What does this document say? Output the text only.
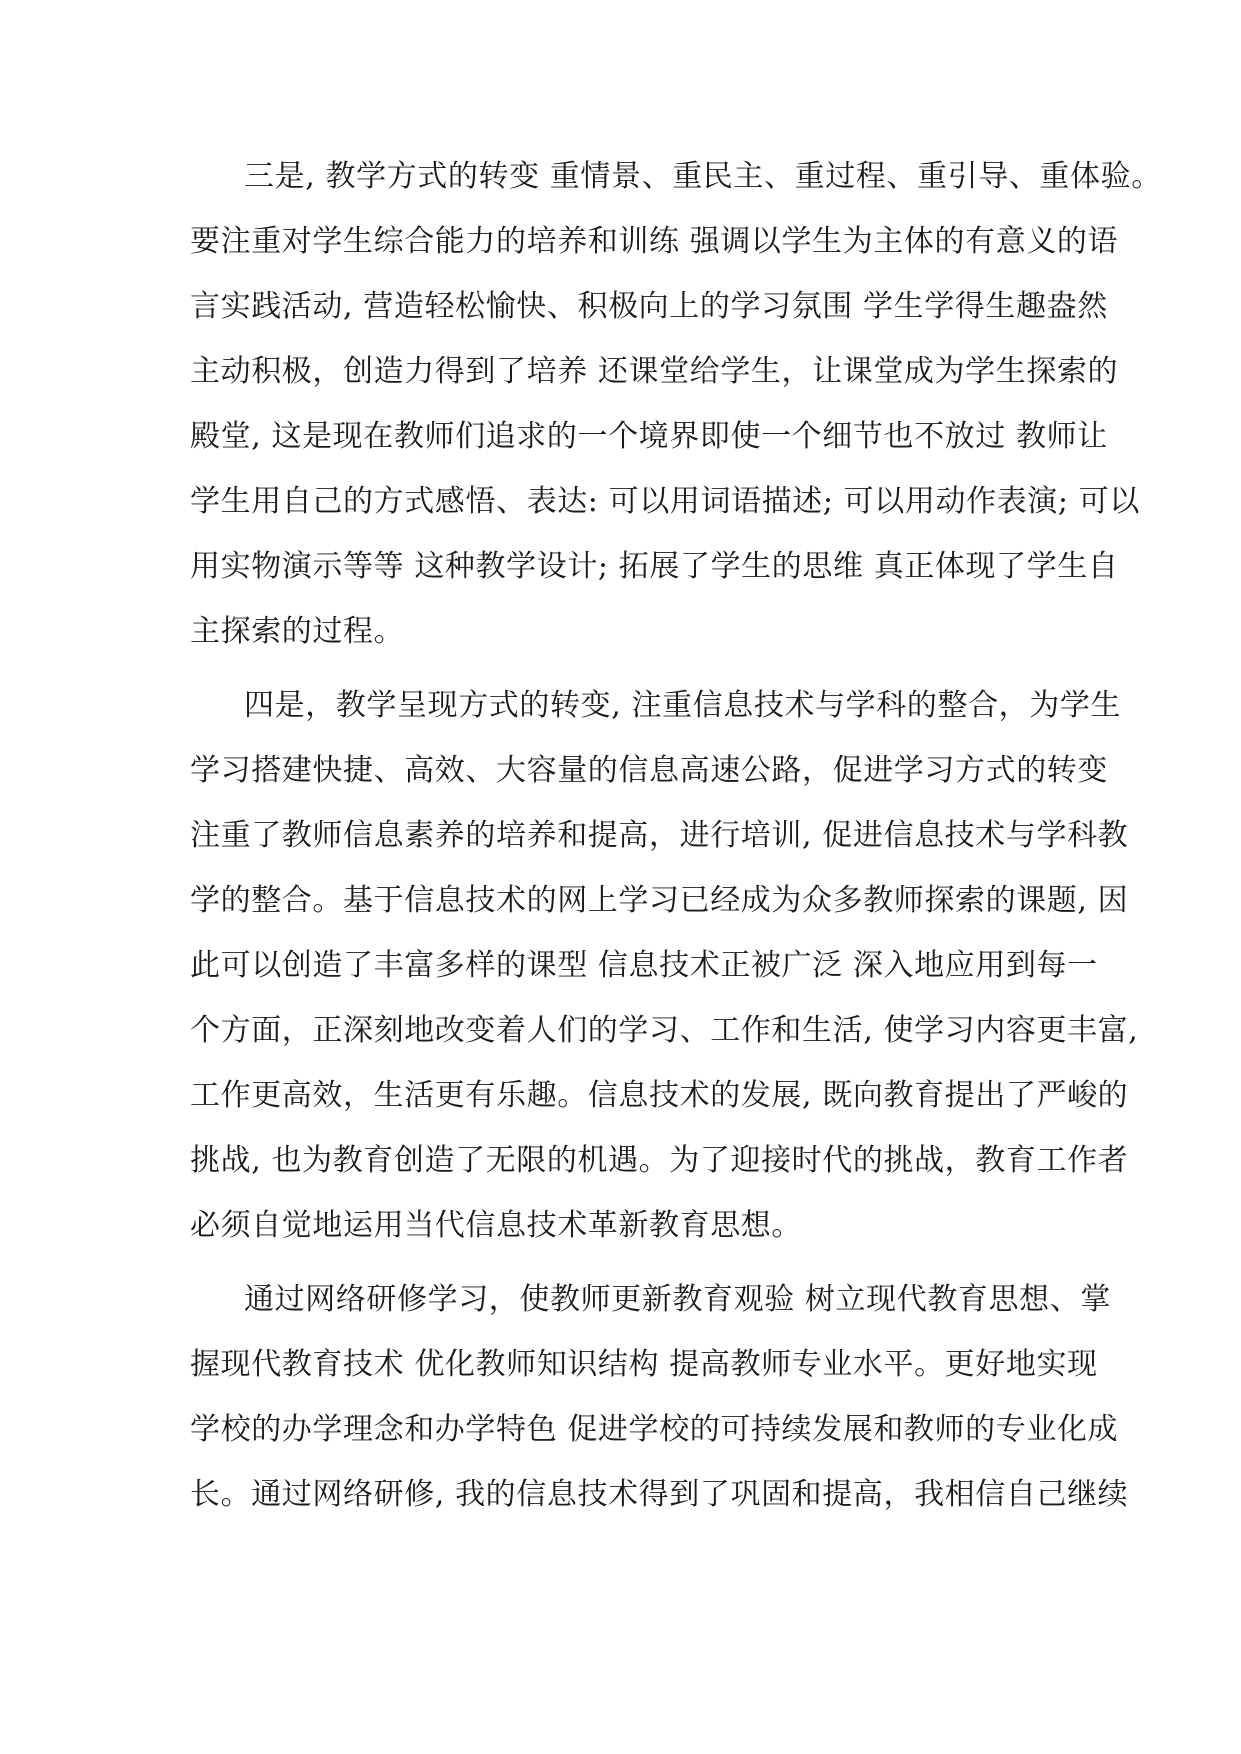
三是, 教学方式的转变 重情景、重民主、重过程、重引导、重体验。
要注重对学生综合能力的培养和训练 强调以学生为主体的有意义的语
言实践活动, 营造轻松愉快、积极向上的学习氛围 学生学得生趣盎然
主动积极，创造力得到了培养 还课堂给学生，让课堂成为学生探索的
殿堂, 这是现在教师们追求的一个境界即使一个细节也不放过 教师让
学生用自己的方式感悟、表达: 可以用词语描述; 可以用动作表演; 可以
用实物演示等等 这种教学设计; 拓展了学生的思维 真正体现了学生自
主探索的过程。
四是，教学呈现方式的转变, 注重信息技术与学科的整合，为学生
学习搭建快捷、高效、大容量的信息高速公路，促进学习方式的转变
注重了教师信息素养的培养和提高，进行培训, 促进信息技术与学科教
学的整合。基于信息技术的网上学习已经成为众多教师探索的课题, 因
此可以创造了丰富多样的课型 信息技术正被广泛 深入地应用到每一
个方面，正深刻地改变着人们的学习、工作和生活, 使学习内容更丰富,
工作更高效，生活更有乐趣。信息技术的发展, 既向教育提出了严峻的
挑战, 也为教育创造了无限的机遇。为了迎接时代的挑战，教育工作者
必须自觉地运用当代信息技术革新教育思想。
通过网络研修学习，使教师更新教育观验 树立现代教育思想、掌
握现代教育技术 优化教师知识结构 提高教师专业水平。更好地实现
学校的办学理念和办学特色 促进学校的可持续发展和教师的专业化成
长。通过网络研修, 我的信息技术得到了巩固和提高，我相信自己继续
